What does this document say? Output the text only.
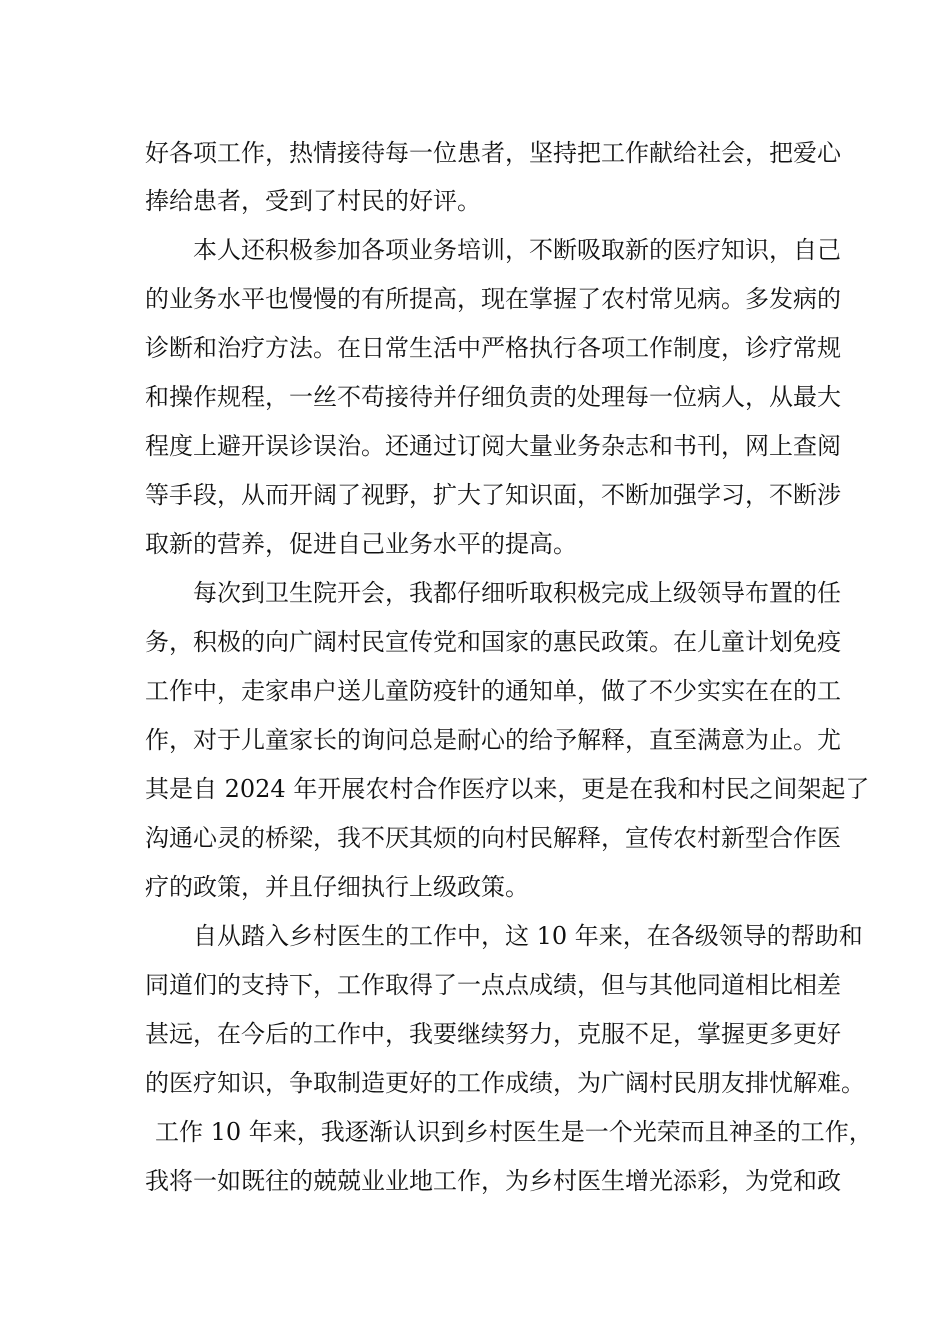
好各项工作，热情接待每一位患者，坚持把工作献给社会，把爱心
捧给患者，受到了村民的好评。
本人还积极参加各项业务培训，不断吸取新的医疗知识，自己
的业务水平也慢慢的有所提高，现在掌握了农村常见病。多发病的
诊断和治疗方法。在日常生活中严格执行各项工作制度，诊疗常规
和操作规程，一丝不苟接待并仔细负责的处理每一位病人，从最大
程度上避开误诊误治。还通过订阅大量业务杂志和书刊，网上查阅
等手段，从而开阔了视野，扩大了知识面，不断加强学习，不断涉
取新的营养，促进自己业务水平的提高。
每次到卫生院开会，我都仔细听取积极完成上级领导布置的任
务，积极的向广阔村民宣传党和国家的惠民政策。在儿童计划免疫
工作中，走家串户送儿童防疫针的通知单，做了不少实实在在的工
作，对于儿童家长的询问总是耐心的给予解释，直至满意为止。尤
其是自 2024 年开展农村合作医疗以来，更是在我和村民之间架起了
沟通心灵的桥梁，我不厌其烦的向村民解释，宣传农村新型合作医
疗的政策，并且仔细执行上级政策。
自从踏入乡村医生的工作中，这 10 年来，在各级领导的帮助和
同道们的支持下，工作取得了一点点成绩，但与其他同道相比相差
甚远，在今后的工作中，我要继续努力，克服不足，掌握更多更好
的医疗知识，争取制造更好的工作成绩，为广阔村民朋友排忧解难。
工作 10 年来，我逐渐认识到乡村医生是一个光荣而且神圣的工作，
我将一如既往的兢兢业业地工作，为乡村医生增光添彩，为党和政
